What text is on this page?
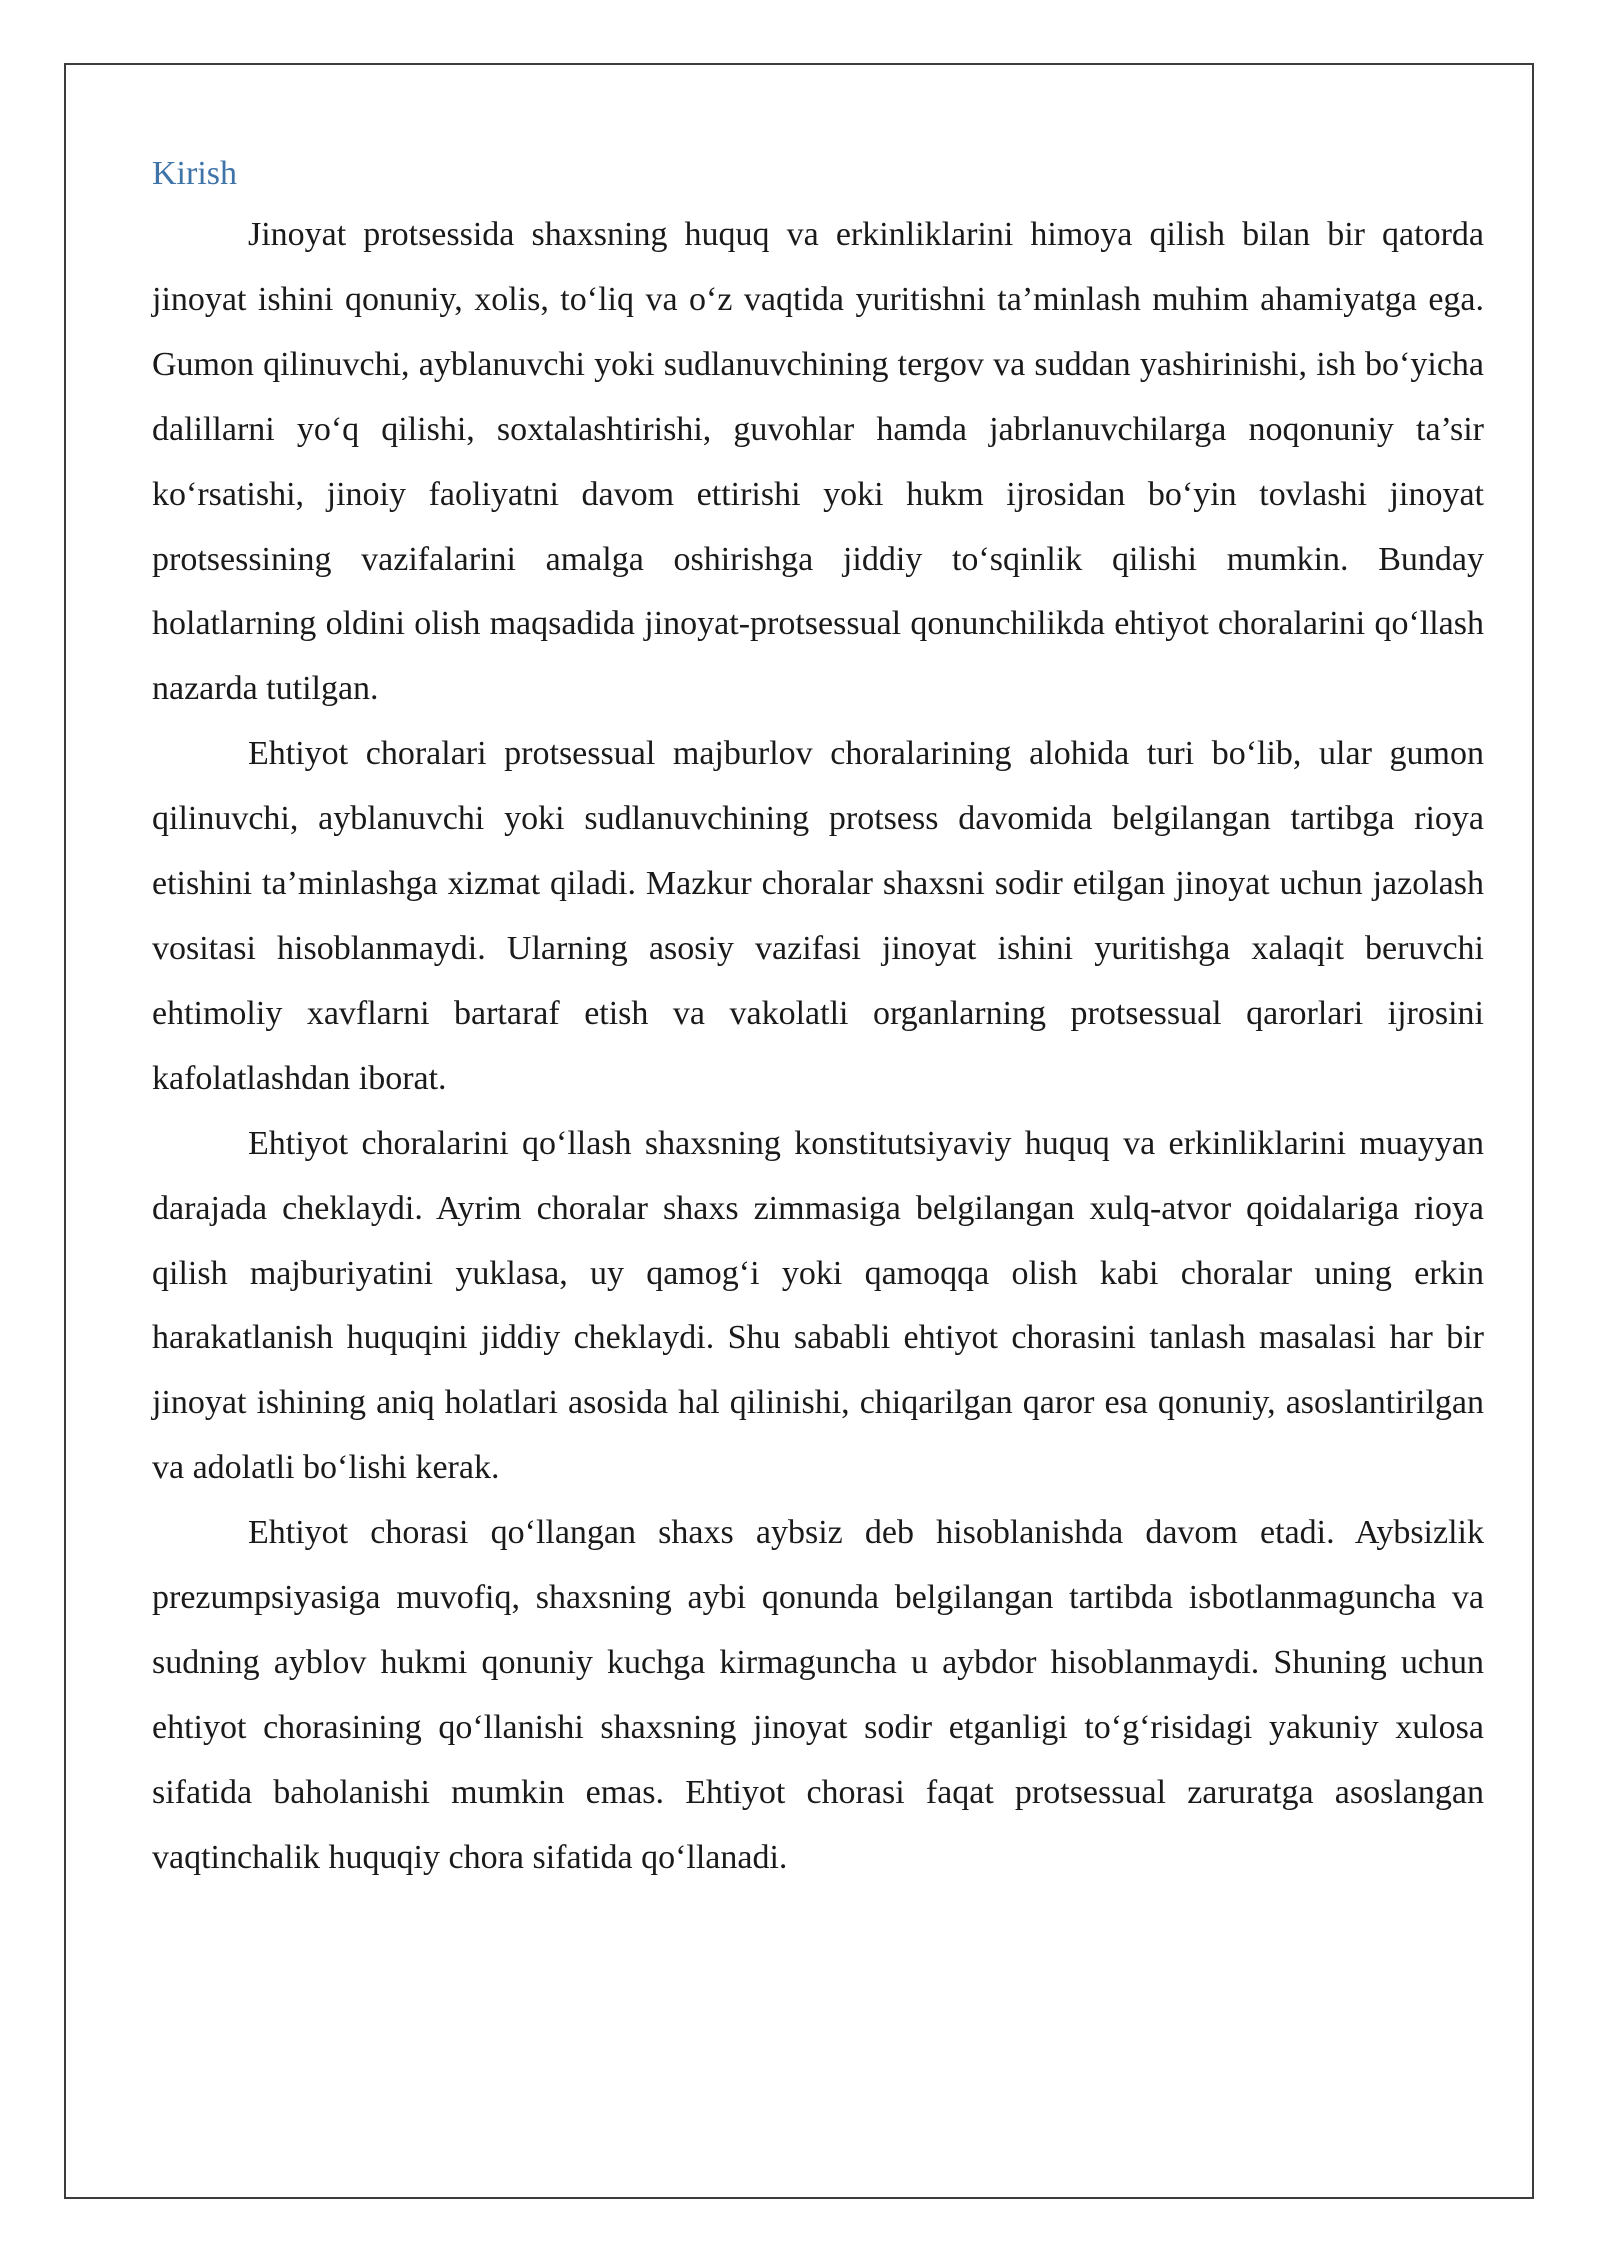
Kirish

Jinoyat protsessida shaxsning huquq va erkinliklarini himoya qilish bilan bir qatorda jinoyat ishini qonuniy, xolis, to‘liq va o‘z vaqtida yuritishni ta’minlash muhim ahamiyatga ega. Gumon qilinuvchi, ayblanuvchi yoki sudlanuvchining tergov va suddan yashirinishi, ish bo‘yicha dalillarni yo‘q qilishi, soxtalashtirishi, guvohlar hamda jabrlanuvchilarga noqonuniy ta’sir ko‘rsatishi, jinoiy faoliyatni davom ettirishi yoki hukm ijrosidan bo‘yin tovlashi jinoyat protsessining vazifalarini amalga oshirishga jiddiy to‘sqinlik qilishi mumkin. Bunday holatlarning oldini olish maqsadida jinoyat-protsessual qonunchilikda ehtiyot choralarini qo‘llash nazarda tutilgan.

Ehtiyot choralari protsessual majburlov choralarining alohida turi bo‘lib, ular gumon qilinuvchi, ayblanuvchi yoki sudlanuvchining protsess davomida belgilangan tartibga rioya etishini ta’minlashga xizmat qiladi. Mazkur choralar shaxsni sodir etilgan jinoyat uchun jazolash vositasi hisoblanmaydi. Ularning asosiy vazifasi jinoyat ishini yuritishga xalaqit beruvchi ehtimoliy xavflarni bartaraf etish va vakolatli organlarning protsessual qarorlari ijrosini kafolatlashdan iborat.

Ehtiyot choralarini qo‘llash shaxsning konstitutsiyaviy huquq va erkinliklarini muayyan darajada cheklaydi. Ayrim choralar shaxs zimmasiga belgilangan xulq-atvor qoidalariga rioya qilish majburiyatini yuklasa, uy qamog‘i yoki qamoqqa olish kabi choralar uning erkin harakatlanish huquqini jiddiy cheklaydi. Shu sababli ehtiyot chorasini tanlash masalasi har bir jinoyat ishining aniq holatlari asosida hal qilinishi, chiqarilgan qaror esa qonuniy, asoslantirilgan va adolatli bo‘lishi kerak.

Ehtiyot chorasi qo‘llangan shaxs aybsiz deb hisoblanishda davom etadi. Aybsizlik prezumpsiyasiga muvofiq, shaxsning aybi qonunda belgilangan tartibda isbotlanmaguncha va sudning ayblov hukmi qonuniy kuchga kirmaguncha u aybdor hisoblanmaydi. Shuning uchun ehtiyot chorasining qo‘llanishi shaxsning jinoyat sodir etganligi to‘g‘risidagi yakuniy xulosa sifatida baholanishi mumkin emas. Ehtiyot chorasi faqat protsessual zaruratga asoslangan vaqtinchalik huquqiy chora sifatida qo‘llanadi.
